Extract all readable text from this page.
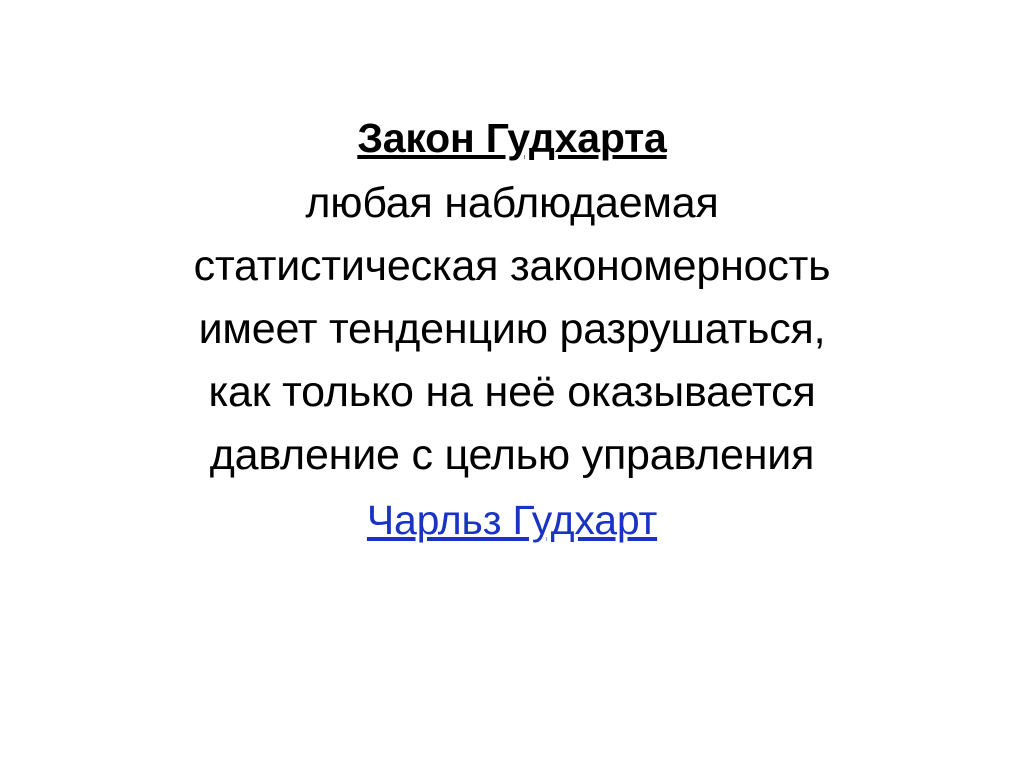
Закон Гудхарта
любая наблюдаемая
статистическая закономерность
имеет тенденцию разрушаться,
как только на неё оказывается
давление с целью управления
Чарльз Гудхарт
